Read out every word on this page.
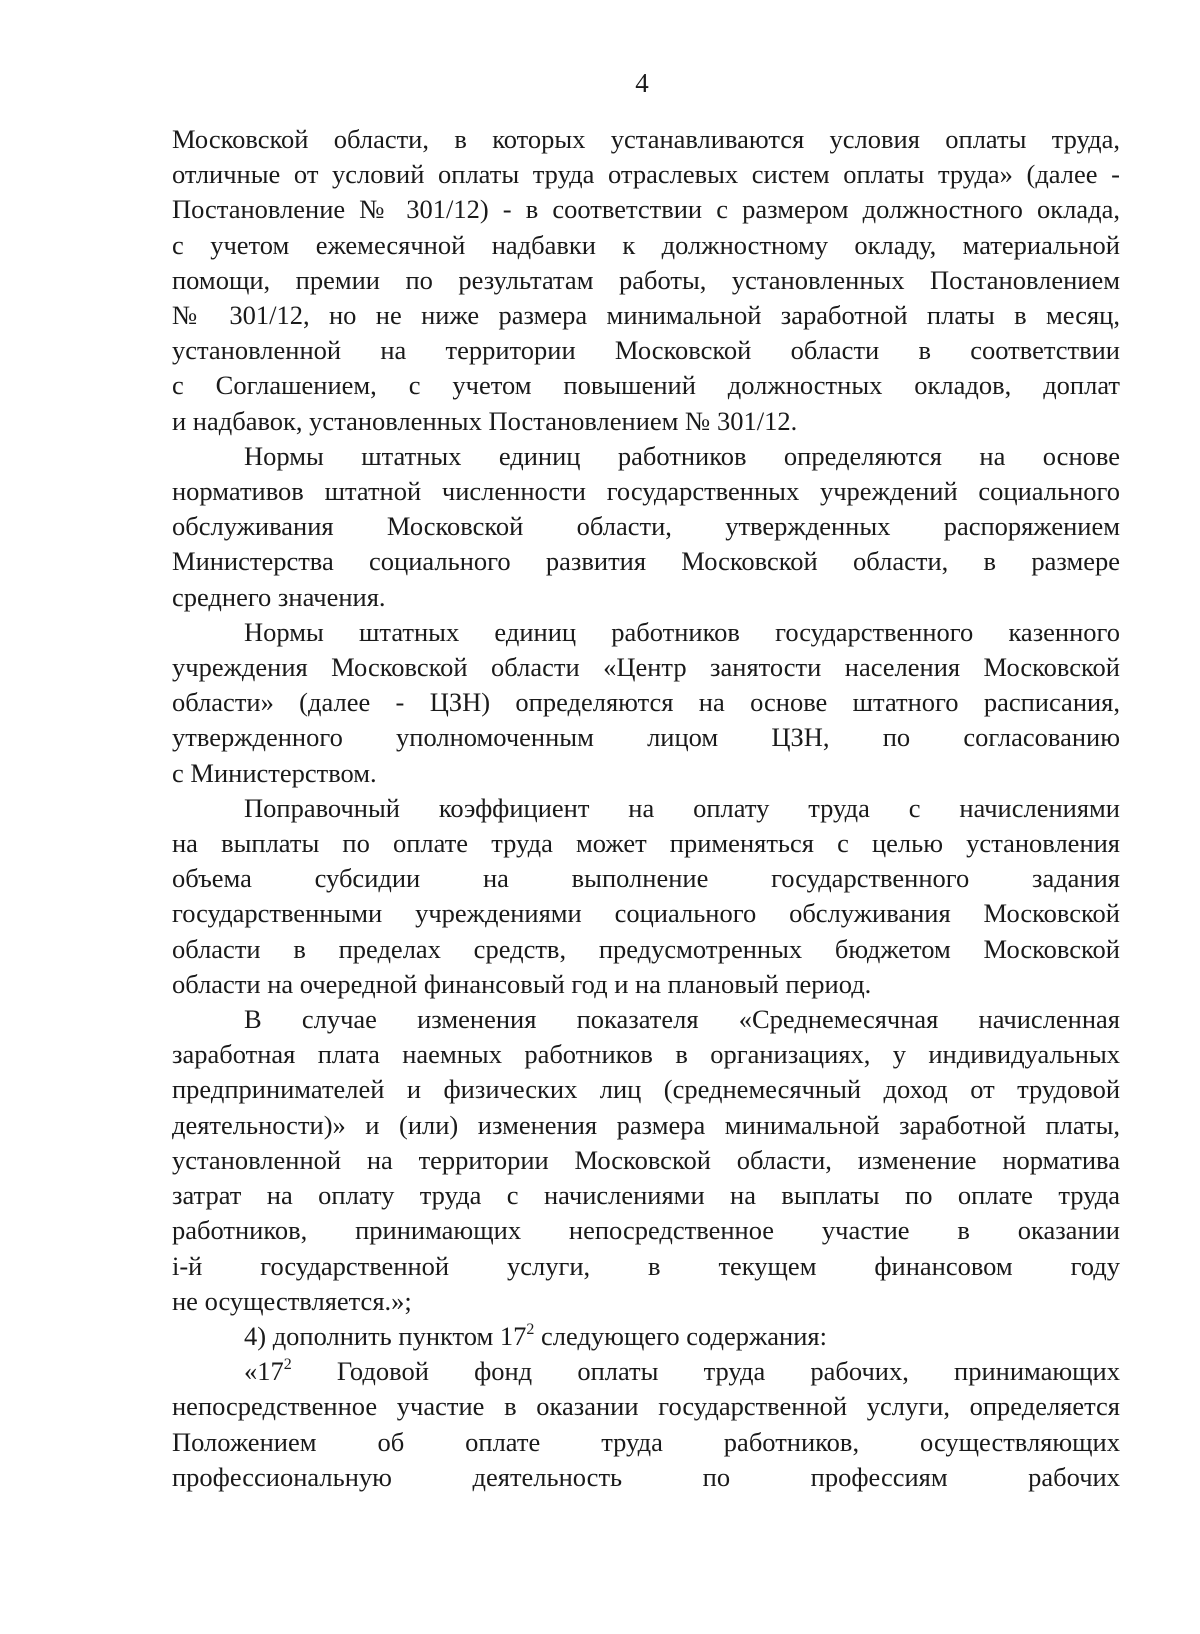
4
Московской области, в которых устанавливаются условия оплаты труда,
отличные от условий оплаты труда отраслевых систем оплаты труда» (далее -
Постановление № 301/12) - в соответствии с размером должностного оклада,
с учетом ежемесячной надбавки к должностному окладу, материальной
помощи, премии по результатам работы, установленных Постановлением
№ 301/12, но не ниже размера минимальной заработной платы в месяц,
установленной на территории Московской области в соответствии
с Соглашением, с учетом повышений должностных окладов, доплат
и надбавок, установленных Постановлением № 301/12.
Нормы штатных единиц работников определяются на основе
нормативов штатной численности государственных учреждений социального
обслуживания Московской области, утвержденных распоряжением
Министерства социального развития Московской области, в размере
среднего значения.
Нормы штатных единиц работников государственного казенного
учреждения Московской области «Центр занятости населения Московской
области» (далее - ЦЗН) определяются на основе штатного расписания,
утвержденного уполномоченным лицом ЦЗН, по согласованию
с Министерством.
Поправочный коэффициент на оплату труда с начислениями
на выплаты по оплате труда может применяться с целью установления
объема субсидии на выполнение государственного задания
государственными учреждениями социального обслуживания Московской
области в пределах средств, предусмотренных бюджетом Московской
области на очередной финансовый год и на плановый период.
В случае изменения показателя «Среднемесячная начисленная
заработная плата наемных работников в организациях, у индивидуальных
предпринимателей и физических лиц (среднемесячный доход от трудовой
деятельности)» и (или) изменения размера минимальной заработной платы,
установленной на территории Московской области, изменение норматива
затрат на оплату труда с начислениями на выплаты по оплате труда
работников, принимающих непосредственное участие в оказании
i-й государственной услуги, в текущем финансовом году
не осуществляется.»;
4) дополнить пунктом $17^2$ следующего содержания:
«$17^2$ Годовой фонд оплаты труда рабочих, принимающих
непосредственное участие в оказании государственной услуги, определяется
Положением об оплате труда работников, осуществляющих
профессиональную деятельность по профессиям рабочих
